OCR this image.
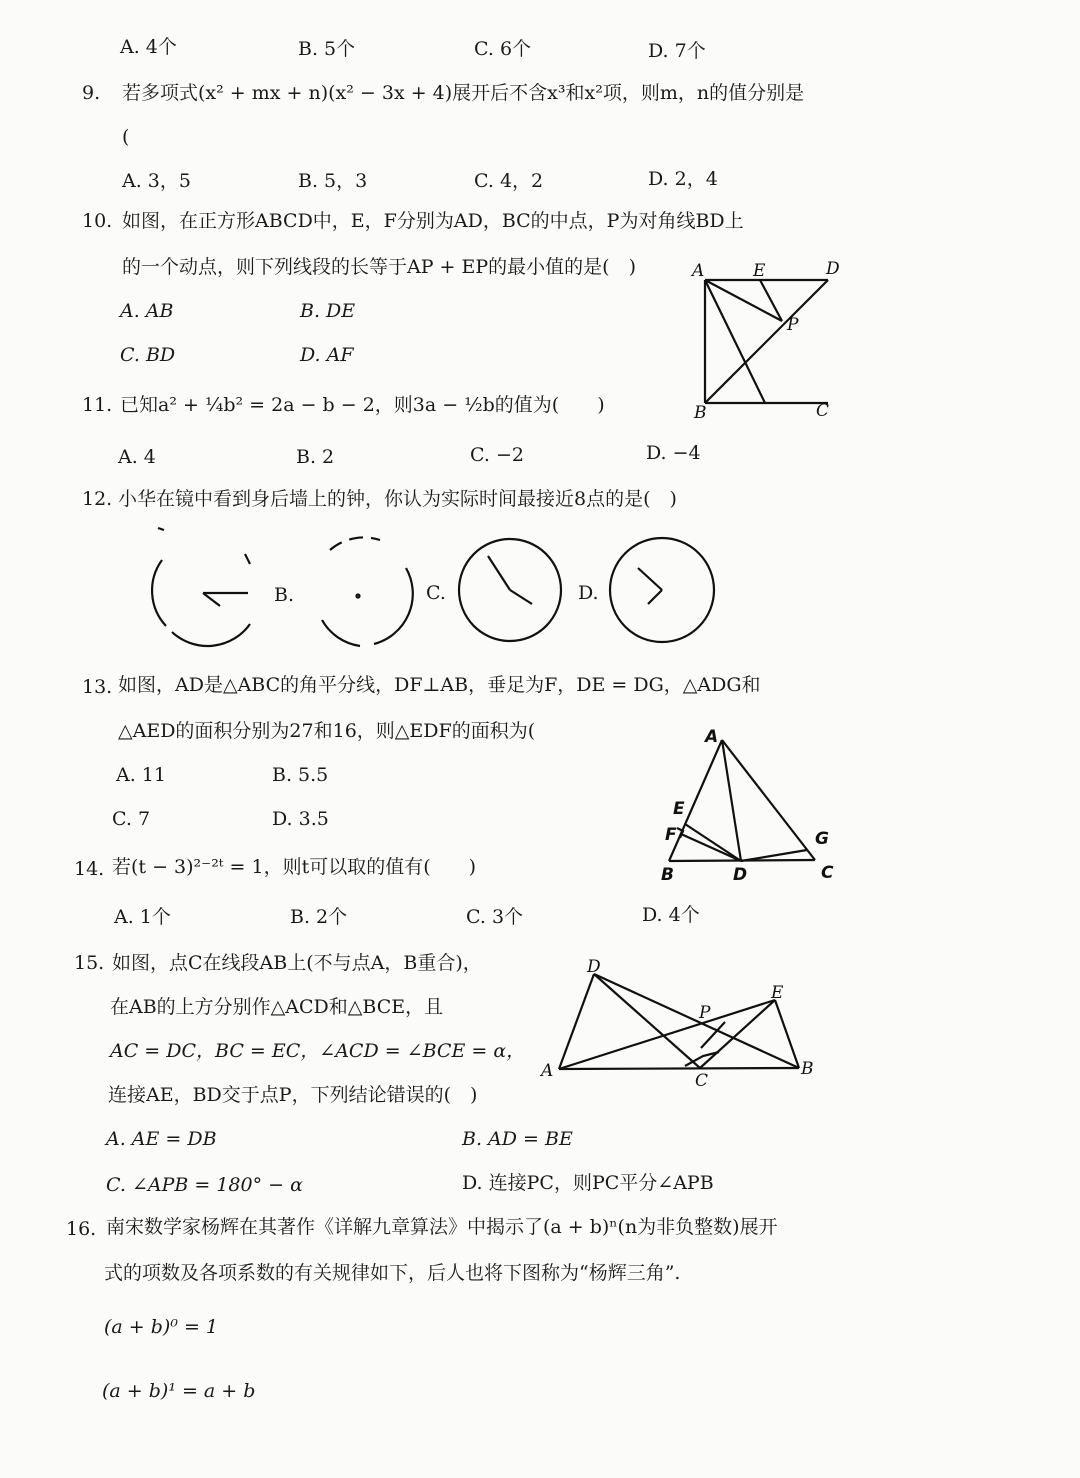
A. 4个	B. 5个	C. 6个	D. 7个
9. 若多项式(x² + mx + n)(x² − 3x + 4)展开后不含x³和x²项，则m，n的值分别是
(
A. 3，5	B. 5，3	C. 4，2	D. 2，4
10. 如图，在正方形ABCD中，E，F分别为AD，BC的中点，P为对角线BD上
的一个动点，则下列线段的长等于AP + EP的最小值的是(　)
A. AB	B. DE
C. BD	D. AF
A	E	D
P
B	C
11. 已知a² + ¼b² = 2a − b − 2，则3a − ½b的值为(　　)
A. 4	B. 2	C. −2	D. −4
12. 小华在镜中看到身后墙上的钟，你认为实际时间最接近8点的是(　)
B.	C.	D.
13. 如图，AD是△ABC的角平分线，DF⊥AB，垂足为F，DE = DG，△ADG和
△AED的面积分别为27和16，则△EDF的面积为(
A. 11	B. 5.5
C. 7	D. 3.5
A
E
F	G
B	D	C
14. 若(t − 3)²⁻²ᵗ = 1，则t可以取的值有(　　)
A. 1个	B. 2个	C. 3个	D. 4个
15. 如图，点C在线段AB上(不与点A，B重合)，
在AB的上方分别作△ACD和△BCE，且
AC = DC，BC = EC，∠ACD = ∠BCE = α，
连接AE，BD交于点P，下列结论错误的(　)
A. AE = DB	B. AD = BE
C. ∠APB = 180° − α	D. 连接PC，则PC平分∠APB
D
E
P
A	C
B
16. 南宋数学家杨辉在其著作《详解九章算法》中揭示了(a + b)ⁿ(n为非负整数)展开
式的项数及各项系数的有关规律如下，后人也将下图称为“杨辉三角”.
(a + b)⁰ = 1
(a + b)¹ = a + b
